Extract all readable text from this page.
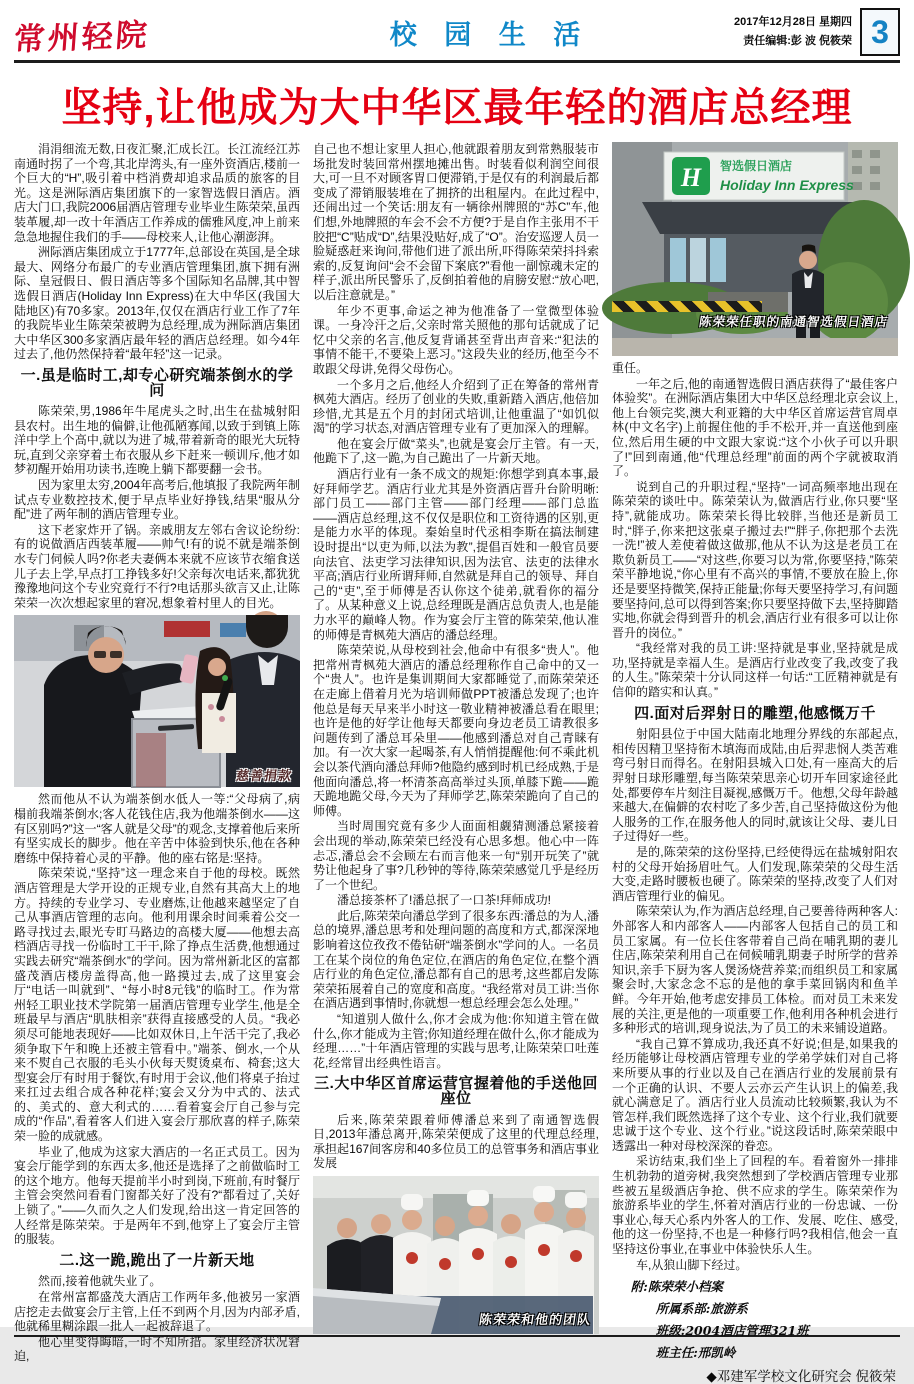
常州轻院	校 园 生 活	2017年12月28日 星期四
责任编辑:彭 波 倪筱荣 3
坚持,让他成为大中华区最年轻的酒店总经理

涓涓细流无数,日夜汇聚,汇成长江。长江流经江苏南通时拐了一个弯,其北岸湾头,有一座外资酒店,楼前一个巨大的“H”,吸引着中档消费却追求品质的旅客的目光。这是洲际酒店集团旗下的一家智选假日酒店。酒店大门口,我院2006届酒店管理专业毕业生陈荣荣,虽西装革履,却一改十年酒店工作养成的儒雅风度,冲上前来急急地握住我们的手——母校来人,让他心潮澎湃。

洲际酒店集团成立于1777年,总部设在英国,是全球最大、网络分布最广的专业酒店管理集团,旗下拥有洲际、皇冠假日、假日酒店等多个国际知名品牌,其中智选假日酒店(Holiday Inn Express)在大中华区(我国大陆地区)有70多家。2013年,仅仅在酒店行业工作了7年的我院毕业生陈荣荣被聘为总经理,成为洲际酒店集团大中华区300多家酒店最年轻的酒店总经理。如今4年过去了,他仍然保持着“最年轻”这一记录。

一.虽是临时工,却专心研究端茶倒水的学问

陈荣荣,男,1986年牛尾虎头之时,出生在盐城射阳县农村。出生地的偏僻,让他孤陋寡闻,以致于到镇上陈洋中学上个高中,就以为进了城,带着新奇的眼光大玩特玩,直到父亲穿着土布衣服从乡下赶来一顿训斥,他才如梦初醒开始用功读书,连晚上躺下都要翻一会书。

因为家里太穷,2004年高考后,他填报了我院两年制试点专业数控技术,便于早点毕业好挣钱,结果“服从分配”进了两年制的酒店管理专业。

这下老家炸开了锅。亲戚朋友左邻右舍议论纷纷:有的说做酒店西装革履——帅气!有的说不就是端茶倒水专门伺候人吗?你老夫妻俩本来就不应该节衣缩食送儿子去上学,早点打工挣钱多好!父亲每次电话来,都犹犹豫豫地问这个专业究竟行不行?电话那头欲言又止,让陈荣荣一次次想起家里的窘况,想象着村里人的目光。

慈善捐款

然而他从不认为端茶倒水低人一等:“父母病了,病榻前我端茶倒水;客人花钱住店,我为他端茶倒水——这有区别吗?”这一“客人就是父母”的观念,支撑着他后来所有坚实成长的脚步。他在辛苦中体验到快乐,他在各种磨练中保持着心灵的平静。他的座右铭是:坚持。

陈荣荣说,“坚持”这一理念来自于他的母校。既然酒店管理是大学开设的正规专业,自然有其高大上的地方。持续的专业学习、专业磨炼,让他越来越坚定了自己从事酒店管理的志向。他利用课余时间乘着公交一路寻找过去,眼光专盯马路边的高楼大厦——他想去高档酒店寻找一份临时工干干,除了挣点生活费,他想通过实践去研究“端茶倒水”的学问。因为常州新北区的富都盛茂酒店楼房盖得高,他一路摸过去,成了这里宴会厅“电话一叫就到”、“每小时8元钱”的临时工。作为常州轻工职业技术学院第一届酒店管理专业学生,他是全班最早与酒店“肌肤相亲”获得直接感受的人员。“我必须尽可能地表现好——比如双休日,上午活干完了,我必须争取下午和晚上还被主管看中。”端茶、倒水,一个从来不熨自己衣服的毛头小伙每天熨烫桌布、椅套;这大型宴会厅有时用于餐饮,有时用于会议,他们将桌子抬过来扛过去组合成各种花样;宴会又分为中式的、法式的、美式的、意大利式的……看着宴会厅自己参与完成的“作品”,看着客人们进入宴会厅那欣喜的样子,陈荣荣一脸的成就感。

毕业了,他成为这家大酒店的一名正式员工。因为宴会厅能学到的东西太多,他还是选择了之前做临时工的这个地方。他每天提前半小时到岗,下班前,有时餐厅主管会突然问看看门窗都关好了没有?“都看过了,关好上锁了。”——久而久之人们发现,给出这一肯定回答的人经常是陈荣荣。于是两年不到,他穿上了宴会厅主管的服装。

二.这一跪,跪出了一片新天地

然而,接着他就失业了。

在常州富都盛茂大酒店工作两年多,他被另一家酒店挖走去做宴会厅主管,上任不到两个月,因为内部矛盾,他就稀里糊涂跟一批人一起被辞退了。

他心里变得晦暗,一时不知所措。家里经济状况窘迫,

自己也不想让家里人担心,他就跟着朋友到常熟服装市场批发时装回常州摆地摊出售。时装看似利润空间很大,可一旦不对顾客胃口便滞销,于是仅有的利润最后都变成了滞销服装堆在了拥挤的出租屋内。在此过程中,还闹出过一个笑话:朋友有一辆徐州牌照的“苏C”车,他们想,外地牌照的车会不会不方便?于是自作主张用不干胶把“C”贴成“D”,结果没贴好,成了“O”。治安巡逻人员一脸疑惑赶来询问,带他们进了派出所,吓得陈荣荣抖抖索索的,反复询问“会不会留下案底?”看他一副惊魂未定的样子,派出所民警乐了,反倒拍着他的肩膀安慰:“放心吧,以后注意就是。”

年少不更事,命运之神为他准备了一堂微型体验课。一身冷汗之后,父亲时常关照他的那句话就成了记忆中父亲的名言,他反复背诵甚至背出声音来:“犯法的事情不能干,不要染上恶习。”这段失业的经历,他至今不敢跟父母讲,免得父母伤心。

一个多月之后,他经人介绍到了正在筹备的常州青枫苑大酒店。经历了创业的失败,重新踏入酒店,他倍加珍惜,尤其是五个月的封闭式培训,让他重温了“如饥似渴”的学习状态,对酒店管理专业有了更加深入的理解。

他在宴会厅做“菜头”,也就是宴会厅主管。有一天,他跪下了,这一跪,为自己跪出了一片新天地。

酒店行业有一条不成文的规矩:你想学到真本事,最好拜师学艺。酒店行业尤其是外资酒店晋升台阶明晰:部门员工——部门主管——部门经理——部门总监——酒店总经理,这不仅仅是职位和工资待遇的区别,更是能力水平的体现。秦始皇时代丞相李斯在搞法制建设时提出“以吏为师,以法为教”,提倡百姓和一般官员要向法官、法吏学习法律知识,因为法官、法吏的法律水平高;酒店行业所谓拜师,自然就是拜自己的领导、拜自己的“吏”,至于师傅是否认你这个徒弟,就看你的福分了。从某种意义上说,总经理既是酒店总负责人,也是能力水平的巅峰人物。作为宴会厅主管的陈荣荣,他认准的师傅是青枫苑大酒店的潘总经理。

陈荣荣说,从母校到社会,他命中有很多“贵人”。他把常州青枫苑大酒店的潘总经理称作自己命中的又一个“贵人”。也许是集训期间大家都睡觉了,而陈荣荣还在走廊上借着月光为培训师做PPT被潘总发现了;也许他总是每天早来半小时这一敬业精神被潘总看在眼里;也许是他的好学让他每天都要向身边老员工请教很多问题传到了潘总耳朵里——他感到潘总对自己青睐有加。有一次大家一起喝茶,有人悄悄提醒他:何不乘此机会以茶代酒向潘总拜师?他隐约感到时机已经成熟,于是他面向潘总,将一杯清茶高高举过头顶,单膝下跪——跪天跪地跪父母,今天为了拜师学艺,陈荣荣跪向了自己的师傅。

当时周围究竟有多少人面面相觑猜测潘总紧接着会出现的举动,陈荣荣已经没有心思多想。他心中一阵忐忑,潘总会不会顾左右而言他来一句“别开玩笑了”就势让他起身了事?几秒钟的等待,陈荣荣感觉几乎是经历了一个世纪。

潘总接茶杯了!潘总抿了一口茶!拜师成功!

此后,陈荣荣向潘总学到了很多东西:潘总的为人,潘总的境界,潘总思考和处理问题的高度和方式,都深深地影响着这位孜孜不倦钻研“端茶倒水”学问的人。一名员工在某个岗位的角色定位,在酒店的角色定位,在整个酒店行业的角色定位,潘总都有自己的思考,这些都启发陈荣荣拓展着自己的宽度和高度。“我经常对员工讲:当你在酒店遇到事情时,你就想一想总经理会怎么处理。”

“知道别人做什么,你才会成为他:你知道主管在做什么,你才能成为主管;你知道经理在做什么,你才能成为经理……”十年酒店管理的实践与思考,让陈荣荣口吐莲花,经常冒出经典性语言。

三.大中华区首席运营官握着他的手送他回座位

后来,陈荣荣跟着师傅潘总来到了南通智选假日,2013年潘总离开,陈荣荣便成了这里的代理总经理,承担起167间客房和40多位员工的总管事务和酒店事业发展

陈荣荣和他的团队
H 智选假日酒店
Holiday Inn Express
陈荣荣任职的南通智选假日酒店

重任。

一年之后,他的南通智选假日酒店获得了“最佳客户体验奖”。在洲际酒店集团大中华区总经理北京会议上,他上台领完奖,澳大利亚籍的大中华区首席运营官周卓林(中文名字)上前握住他的手不松开,并一直送他到座位,然后用生硬的中文跟大家说:“这个小伙子可以升职了!”回到南通,他“代理总经理”前面的两个字就被取消了。

说到自己的升职过程,“坚持”一词高频率地出现在陈荣荣的谈吐中。陈荣荣认为,做酒店行业,你只要“坚持”,就能成功。陈荣荣长得比较胖,当他还是新员工时,“胖子,你来把这张桌子搬过去!”“胖子,你把那个去洗一洗!”被人差使着做这做那,他从不认为这是老员工在欺负新员工——“对这些,你要习以为常,你要坚持,”陈荣荣平静地说,“你心里有不高兴的事情,不要放在脸上,你还是要坚持微笑,保持正能量;你每天要坚持学习,有问题要坚持问,总可以得到答案;你只要坚持做下去,坚持脚踏实地,你就会得到晋升的机会,酒店行业有很多可以让你晋升的岗位。”

“我经常对我的员工讲:坚持就是事业,坚持就是成功,坚持就是幸福人生。是酒店行业改变了我,改变了我的人生。”陈荣荣十分认同这样一句话:“工匠精神就是有信仰的踏实和认真。”

四.面对后羿射日的雕塑,他感慨万千

射阳县位于中国大陆南北地理分界线的东部起点,相传因精卫坚持衔木填海而成陆,由后羿悲悯人类苦难弯弓射日而得名。在射阳县城入口处,有一座高大的后羿射日球形雕塑,每当陈荣荣思亲心切开车回家途径此处,都要停车片刻注目凝视,感慨万千。他想,父母年龄越来越大,在偏僻的农村吃了多少苦,自己坚持做这份为他人服务的工作,在服务他人的同时,就该让父母、妻儿日子过得好一些。

是的,陈荣荣的这份坚持,已经使得远在盐城射阳农村的父母开始扬眉吐气。人们发现,陈荣荣的父母生活大变,走路时腰板也硬了。陈荣荣的坚持,改变了人们对酒店管理行业的偏见。

陈荣荣认为,作为酒店总经理,自己要善待两种客人:外部客人和内部客人——内部客人包括自己的员工和员工家属。有一位长住客带着自己尚在哺乳期的妻儿住店,陈荣荣利用自己在伺候哺乳期妻子时所学的营养知识,亲手下厨为客人煲汤烧营养菜;而组织员工和家属聚会时,大家念念不忘的是他的拿手菜回锅肉和鱼羊鲜。今年开始,他考虑安排员工体检。而对员工未来发展的关注,更是他的一项重要工作,他利用各种机会进行多种形式的培训,现身说法,为了员工的未来铺设道路。

“我自己算不算成功,我还真不好说;但是,如果我的经历能够让母校酒店管理专业的学弟学妹们对自己将来所要从事的行业以及自己在酒店行业的发展前景有一个正确的认识、不要人云亦云产生认识上的偏差,我就心满意足了。酒店行业人员流动比较频繁,我认为不管怎样,我们既然选择了这个专业、这个行业,我们就要忠诚于这个专业、这个行业。”说这段话时,陈荣荣眼中透露出一种对母校深深的眷恋。

采访结束,我们坐上了回程的车。看着窗外一排排生机勃勃的道旁树,我突然想到了学校酒店管理专业那些被五星级酒店争抢、供不应求的学生。陈荣荣作为旅游系毕业的学生,怀着对酒店行业的一份忠诚、一份事业心,每天心系内外客人的工作、发展、吃住、感受,他的这一份坚持,不也是一种修行吗?我相信,他会一直坚持这份事业,在事业中体验快乐人生。

车,从狼山脚下经过。

附:陈荣荣小档案
所属系部:旅游系
班级:2004酒店管理321班
班主任:邢凯岭
◆邓建军学校文化研究会 倪筱荣
